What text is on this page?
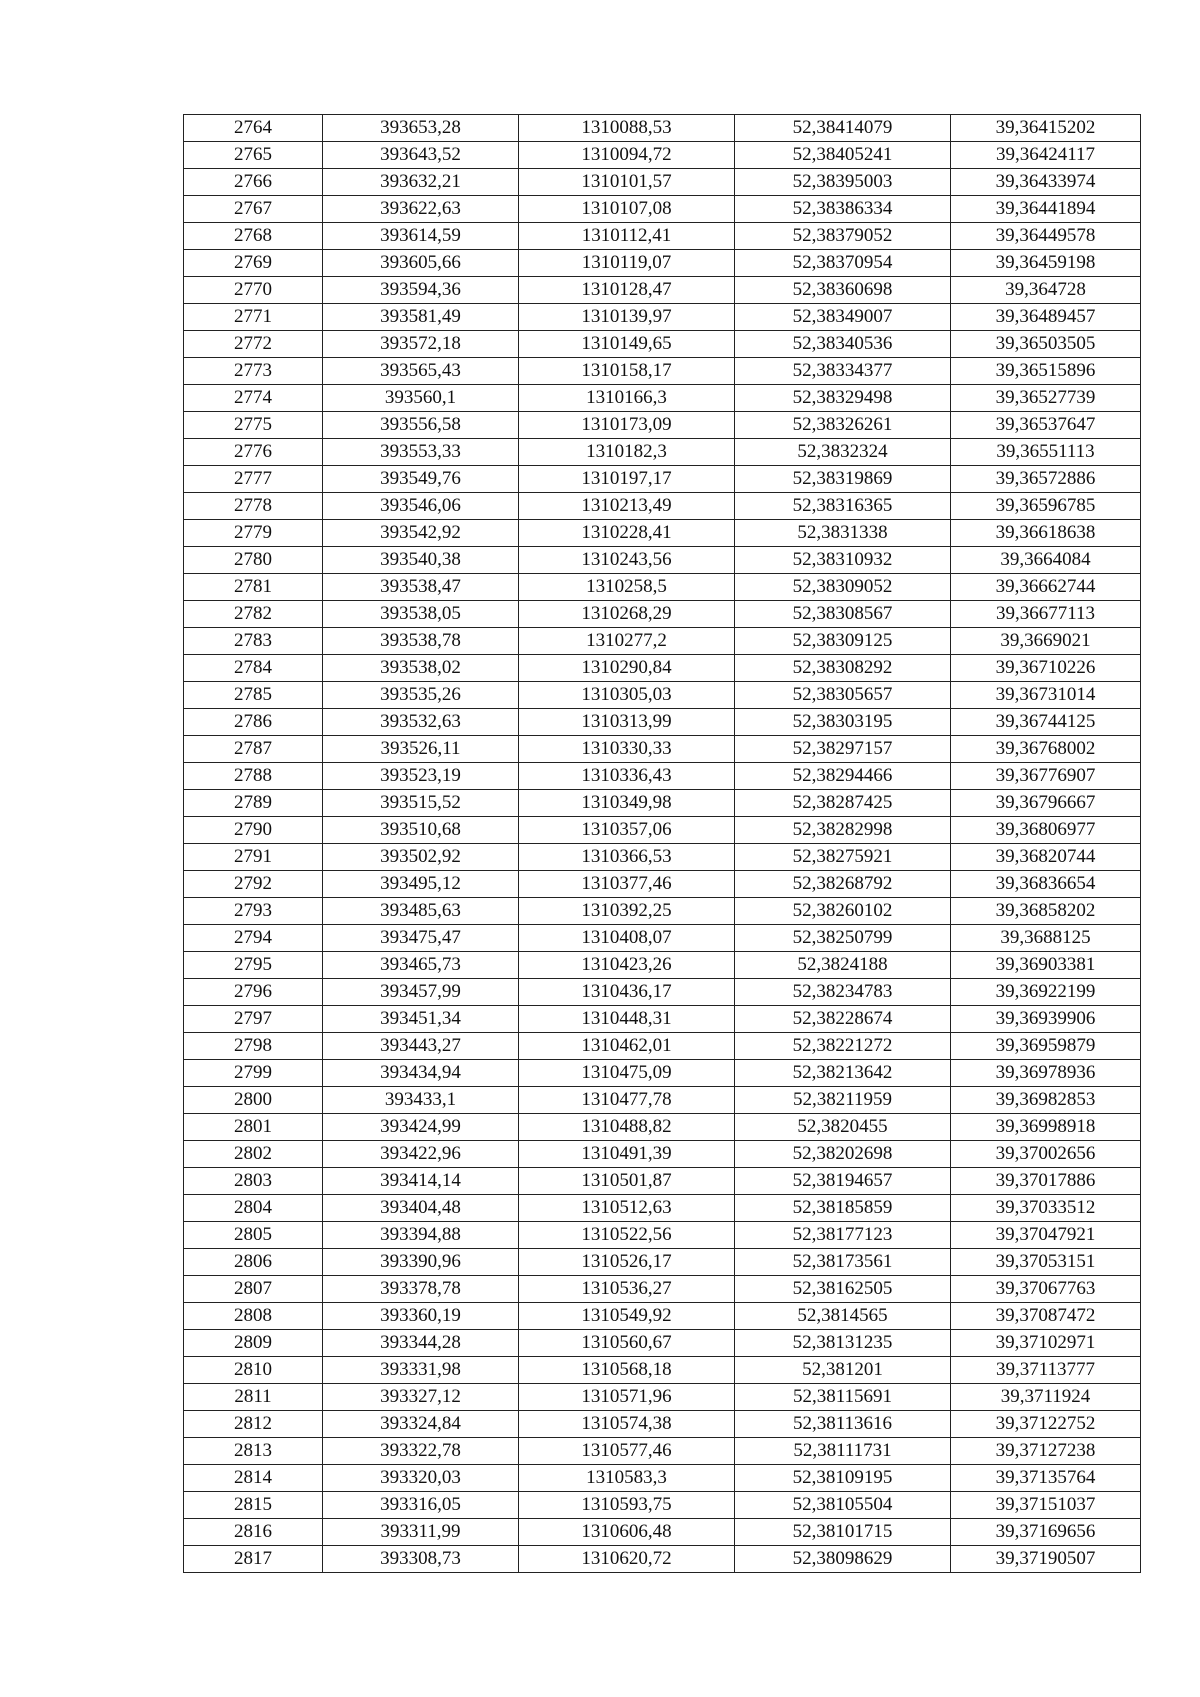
2764	393653,28	1310088,53	52,38414079	39,36415202
2765	393643,52	1310094,72	52,38405241	39,36424117
2766	393632,21	1310101,57	52,38395003	39,36433974
2767	393622,63	1310107,08	52,38386334	39,36441894
2768	393614,59	1310112,41	52,38379052	39,36449578
2769	393605,66	1310119,07	52,38370954	39,36459198
2770	393594,36	1310128,47	52,38360698	39,364728
2771	393581,49	1310139,97	52,38349007	39,36489457
2772	393572,18	1310149,65	52,38340536	39,36503505
2773	393565,43	1310158,17	52,38334377	39,36515896
2774	393560,1	1310166,3	52,38329498	39,36527739
2775	393556,58	1310173,09	52,38326261	39,36537647
2776	393553,33	1310182,3	52,3832324	39,36551113
2777	393549,76	1310197,17	52,38319869	39,36572886
2778	393546,06	1310213,49	52,38316365	39,36596785
2779	393542,92	1310228,41	52,3831338	39,36618638
2780	393540,38	1310243,56	52,38310932	39,3664084
2781	393538,47	1310258,5	52,38309052	39,36662744
2782	393538,05	1310268,29	52,38308567	39,36677113
2783	393538,78	1310277,2	52,38309125	39,3669021
2784	393538,02	1310290,84	52,38308292	39,36710226
2785	393535,26	1310305,03	52,38305657	39,36731014
2786	393532,63	1310313,99	52,38303195	39,36744125
2787	393526,11	1310330,33	52,38297157	39,36768002
2788	393523,19	1310336,43	52,38294466	39,36776907
2789	393515,52	1310349,98	52,38287425	39,36796667
2790	393510,68	1310357,06	52,38282998	39,36806977
2791	393502,92	1310366,53	52,38275921	39,36820744
2792	393495,12	1310377,46	52,38268792	39,36836654
2793	393485,63	1310392,25	52,38260102	39,36858202
2794	393475,47	1310408,07	52,38250799	39,3688125
2795	393465,73	1310423,26	52,3824188	39,36903381
2796	393457,99	1310436,17	52,38234783	39,36922199
2797	393451,34	1310448,31	52,38228674	39,36939906
2798	393443,27	1310462,01	52,38221272	39,36959879
2799	393434,94	1310475,09	52,38213642	39,36978936
2800	393433,1	1310477,78	52,38211959	39,36982853
2801	393424,99	1310488,82	52,3820455	39,36998918
2802	393422,96	1310491,39	52,38202698	39,37002656
2803	393414,14	1310501,87	52,38194657	39,37017886
2804	393404,48	1310512,63	52,38185859	39,37033512
2805	393394,88	1310522,56	52,38177123	39,37047921
2806	393390,96	1310526,17	52,38173561	39,37053151
2807	393378,78	1310536,27	52,38162505	39,37067763
2808	393360,19	1310549,92	52,3814565	39,37087472
2809	393344,28	1310560,67	52,38131235	39,37102971
2810	393331,98	1310568,18	52,381201	39,37113777
2811	393327,12	1310571,96	52,38115691	39,3711924
2812	393324,84	1310574,38	52,38113616	39,37122752
2813	393322,78	1310577,46	52,38111731	39,37127238
2814	393320,03	1310583,3	52,38109195	39,37135764
2815	393316,05	1310593,75	52,38105504	39,37151037
2816	393311,99	1310606,48	52,38101715	39,37169656
2817	393308,73	1310620,72	52,38098629	39,37190507
